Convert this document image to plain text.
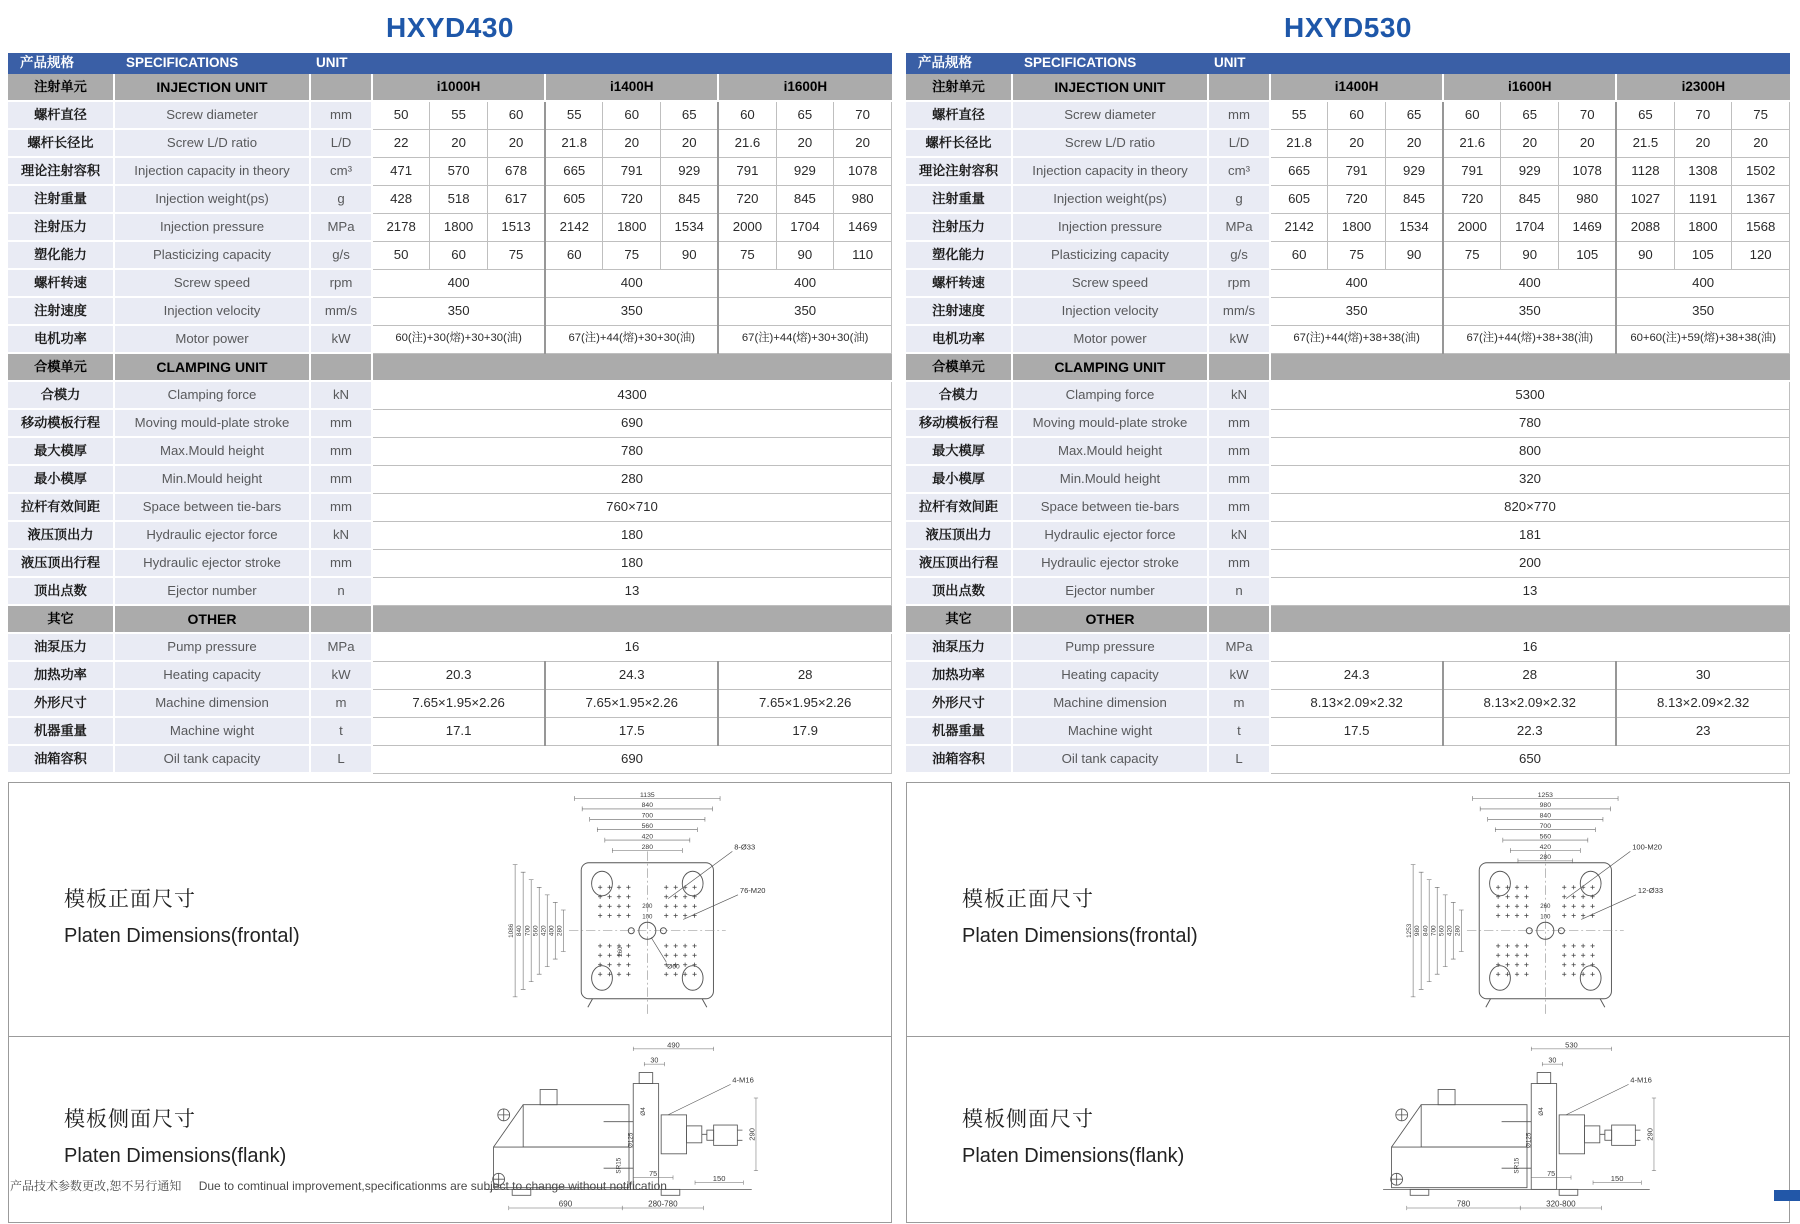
HXYD430
产品规格	SPECIFICATIONS	UNIT									
注射单元	INJECTION UNIT		i1000H			i1400H			i1600H		
螺杆直径	Screw diameter	mm	50	55	60	55	60	65	60	65	70
螺杆长径比	Screw L/D ratio	L/D	22	20	20	21.8	20	20	21.6	20	20
理论注射容积	Injection capacity in theory	cm³	471	570	678	665	791	929	791	929	1078
注射重量	Injection weight(ps)	g	428	518	617	605	720	845	720	845	980
注射压力	Injection pressure	MPa	2178	1800	1513	2142	1800	1534	2000	1704	1469
塑化能力	Plasticizing capacity	g/s	50	60	75	60	75	90	75	90	110
螺杆转速	Screw speed	rpm	400			400			400		
注射速度	Injection velocity	mm/s	350			350			350		
电机功率	Motor power	kW	60(注)+30(熔)+30+30(油)			67(注)+44(熔)+30+30(油)			67(注)+44(熔)+30+30(油)		
合模单元	CLAMPING UNIT										
合模力	Clamping force	kN	4300								
移动模板行程	Moving mould-plate stroke	mm	690								
最大模厚	Max.Mould height	mm	780								
最小模厚	Min.Mould height	mm	280								
拉杆有效间距	Space between tie-bars	mm	760×710								
液压顶出力	Hydraulic ejector force	kN	180								
液压顶出行程	Hydraulic ejector stroke	mm	180								
顶出点数	Ejector number	n	13								
其它	OTHER										
油泵压力	Pump pressure	MPa	16								
加热功率	Heating capacity	kW	20.3			24.3			28		
外形尺寸	Machine dimension	m	7.65×1.95×2.26			7.65×1.95×2.26			7.65×1.95×2.26		
机器重量	Machine wight	t	17.1			17.5			17.9		
油箱容积	Oil tank capacity	L	690								
模板正面尺寸
Platen Dimensions(frontal)
1135
840
700
560
420
280
1086 840 700 560 420 400 280
200
100
260
8-Ø33
76-M20
Ø60
模板侧面尺寸
Platen Dimensions(flank)
490
30
4-M16
Ø4
Ø125
SR15
290
75
150
690	280-780
HXYD530
产品规格	SPECIFICATIONS	UNIT									
注射单元	INJECTION UNIT		i1400H			i1600H			i2300H		
螺杆直径	Screw diameter	mm	55	60	65	60	65	70	65	70	75
螺杆长径比	Screw L/D ratio	L/D	21.8	20	20	21.6	20	20	21.5	20	20
理论注射容积	Injection capacity in theory	cm³	665	791	929	791	929	1078	1128	1308	1502
注射重量	Injection weight(ps)	g	605	720	845	720	845	980	1027	1191	1367
注射压力	Injection pressure	MPa	2142	1800	1534	2000	1704	1469	2088	1800	1568
塑化能力	Plasticizing capacity	g/s	60	75	90	75	90	105	90	105	120
螺杆转速	Screw speed	rpm	400			400			400		
注射速度	Injection velocity	mm/s	350			350			350		
电机功率	Motor power	kW	67(注)+44(熔)+38+38(油)			67(注)+44(熔)+38+38(油)			60+60(注)+59(熔)+38+38(油)		
合模单元	CLAMPING UNIT										
合模力	Clamping force	kN	5300								
移动模板行程	Moving mould-plate stroke	mm	780								
最大模厚	Max.Mould height	mm	800								
最小模厚	Min.Mould height	mm	320								
拉杆有效间距	Space between tie-bars	mm	820×770								
液压顶出力	Hydraulic ejector force	kN	181								
液压顶出行程	Hydraulic ejector stroke	mm	200								
顶出点数	Ejector number	n	13								
其它	OTHER										
油泵压力	Pump pressure	MPa	16								
加热功率	Heating capacity	kW	24.3			28			30		
外形尺寸	Machine dimension	m	8.13×2.09×2.32			8.13×2.09×2.32			8.13×2.09×2.32		
机器重量	Machine wight	t	17.5			22.3			23		
油箱容积	Oil tank capacity	L	650								
模板正面尺寸
Platen Dimensions(frontal)
1253
980
840
700
560
420
280
1253 980 840 700 560 420 280
260
100
100-M20
12-Ø33
模板侧面尺寸
Platen Dimensions(flank)
530
30
4-M16
Ø4
Ø125
SR15
290
75
150
780	320-800
产品技术参数更改,恕不另行通知 Due to comtinual improvement,specificationms are subject to change without notification
